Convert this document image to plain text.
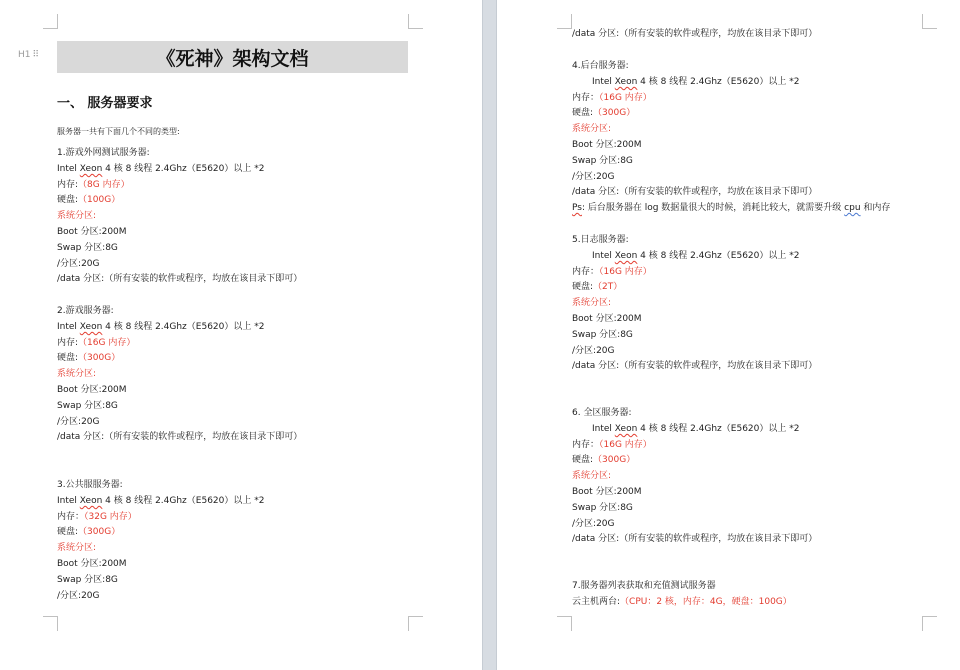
H1 ⠿	《死神》架构文档
一、 服务器要求
服务器一共有下面几个不同的类型:
1.游戏外网测试服务器:
Intel Xeon 4 核 8 线程 2.4Ghz（E5620）以上 *2
内存:（8G 内存）
硬盘:（100G）
系统分区:
Boot 分区:200M
Swap 分区:8G
/分区:20G
/data 分区:（所有安装的软件或程序，均放在该目录下即可）
2.游戏服务器:
Intel Xeon 4 核 8 线程 2.4Ghz（E5620）以上 *2
内存:（16G 内存）
硬盘:（300G）
系统分区:
Boot 分区:200M
Swap 分区:8G
/分区:20G
/data 分区:（所有安装的软件或程序，均放在该目录下即可）
3.公共服服务器:
Intel Xeon 4 核 8 线程 2.4Ghz（E5620）以上 *2
内存：（32G 内存）
硬盘:（300G）
系统分区:
Boot 分区:200M
Swap 分区:8G
/分区:20G
/data 分区:（所有安装的软件或程序，均放在该目录下即可）
4.后台服务器:
Intel Xeon 4 核 8 线程 2.4Ghz（E5620）以上 *2
内存：（16G 内存）
硬盘:（300G）
系统分区:
Boot 分区:200M
Swap 分区:8G
/分区:20G
/data 分区:（所有安装的软件或程序，均放在该目录下即可）
Ps: 后台服务器在 log 数据量很大的时候，消耗比较大，就需要升级 cpu 和内存
5.日志服务器:
Intel Xeon 4 核 8 线程 2.4Ghz（E5620）以上 *2
内存：（16G 内存）
硬盘:（2T）
系统分区:
Boot 分区:200M
Swap 分区:8G
/分区:20G
/data 分区:（所有安装的软件或程序，均放在该目录下即可）
6. 全区服务器:
Intel Xeon 4 核 8 线程 2.4Ghz（E5620）以上 *2
内存：（16G 内存）
硬盘:（300G）
系统分区:
Boot 分区:200M
Swap 分区:8G
/分区:20G
/data 分区:（所有安装的软件或程序，均放在该目录下即可）
7.服务器列表获取和充值测试服务器
云主机两台:（CPU：2 核，内存：4G，硬盘：100G）
